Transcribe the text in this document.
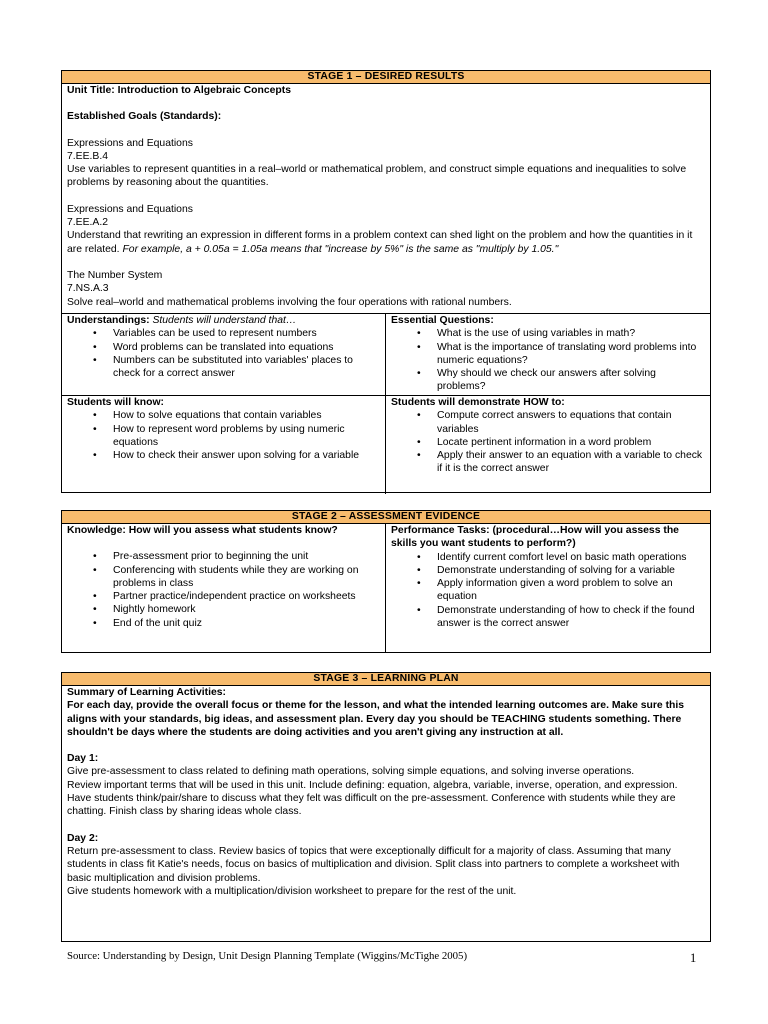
STAGE 1 – DESIRED RESULTS

Unit Title: Introduction to Algebraic Concepts

Established Goals (Standards):

Expressions and Equations

7.EE.B.4

Use variables to represent quantities in a real–world or mathematical problem, and construct simple equations and inequalities to solve problems by reasoning about the quantities.

Expressions and Equations

7.EE.A.2

Understand that rewriting an expression in different forms in a problem context can shed light on the problem and how the quantities in it are related. For example, a + 0.05a = 1.05a means that "increase by 5%" is the same as "multiply by 1.05."

The Number System

7.NS.A.3

Solve real–world and mathematical problems involving the four operations with rational numbers.

Understandings: Students will understand that…

• Variables can be used to represent numbers
• Word problems can be translated into equations
• Numbers can be substituted into variables' places to check for a correct answer

Essential Questions:

• What is the use of using variables in math?
• What is the importance of translating word problems into numeric equations?
• Why should we check our answers after solving problems?

Students will know:

• How to solve equations that contain variables
• How to represent word problems by using numeric equations
• How to check their answer upon solving for a variable

Students will demonstrate HOW to:

• Compute correct answers to equations that contain variables
• Locate pertinent information in a word problem
• Apply their answer to an equation with a variable to check if it is the correct answer
STAGE 2 – ASSESSMENT EVIDENCE

Knowledge: How will you assess what students know?

• Pre-assessment prior to beginning the unit
• Conferencing with students while they are working on problems in class
• Partner practice/independent practice on worksheets
• Nightly homework
• End of the unit quiz

Performance Tasks: (procedural…How will you assess the skills you want students to perform?)

• Identify current comfort level on basic math operations
• Demonstrate understanding of solving for a variable
• Apply information given a word problem to solve an equation
• Demonstrate understanding of how to check if the found answer is the correct answer
STAGE 3 – LEARNING PLAN

Summary of Learning Activities:

For each day, provide the overall focus or theme for the lesson, and what the intended learning outcomes are. Make sure this aligns with your standards, big ideas, and assessment plan. Every day you should be TEACHING students something. There shouldn't be days where the students are doing activities and you aren't giving any instruction at all.

Day 1:

Give pre-assessment to class related to defining math operations, solving simple equations, and solving inverse operations.

Review important terms that will be used in this unit. Include defining: equation, algebra, variable, inverse, operation, and expression.

Have students think/pair/share to discuss what they felt was difficult on the pre-assessment. Conference with students while they are chatting. Finish class by sharing ideas whole class.

Day 2:

Return pre-assessment to class. Review basics of topics that were exceptionally difficult for a majority of class. Assuming that many students in class fit Katie's needs, focus on basics of multiplication and division. Split class into partners to complete a worksheet with basic multiplication and division problems.

Give students homework with a multiplication/division worksheet to prepare for the rest of the unit.

Source: Understanding by Design, Unit Design Planning Template (Wiggins/McTighe 2005)	1
